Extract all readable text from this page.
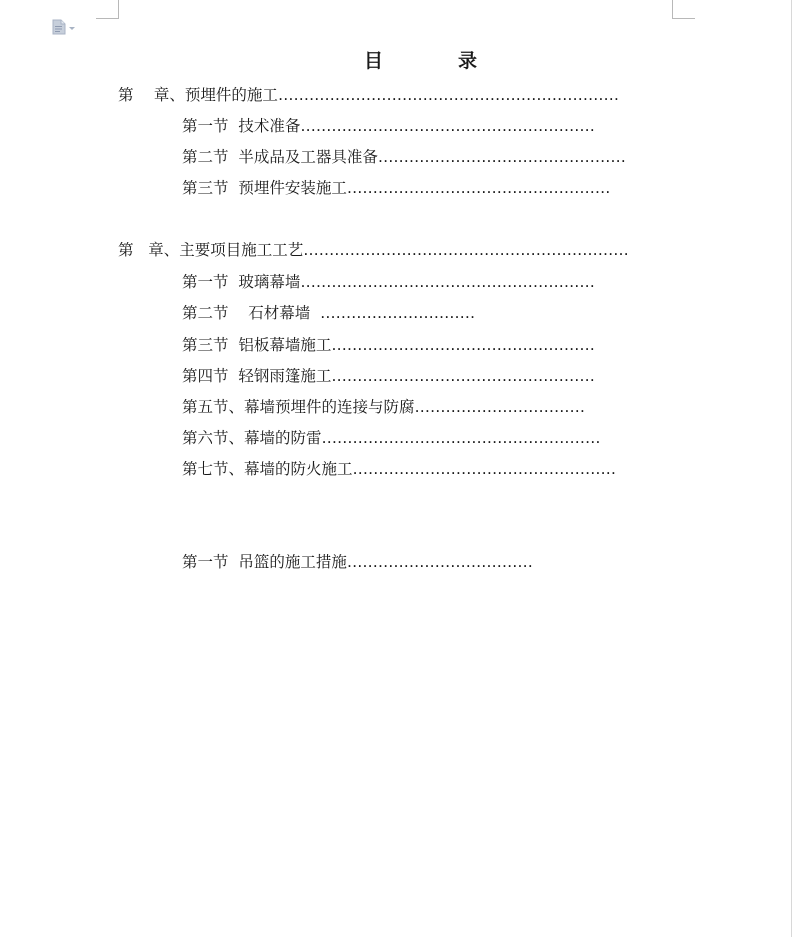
目　录
第　 章、预埋件的施工…………………………………………………………
第一节  技术准备…………………………………………………
第二节  半成品及工器具准备…………………………………………
第三节  预埋件安装施工……………………………………………
第   章、主要项目施工工艺………………………………………………………
第一节  玻璃幕墙…………………………………………………
第二节    石材幕墙  …………………………
第三节  铝板幕墙施工……………………………………………
第四节  轻钢雨篷施工……………………………………………
第五节、幕墙预埋件的连接与防腐……………………………
第六节、幕墙的防雷………………………………………………
第七节、幕墙的防火施工……………………………………………
第一节  吊篮的施工措施………………………………
